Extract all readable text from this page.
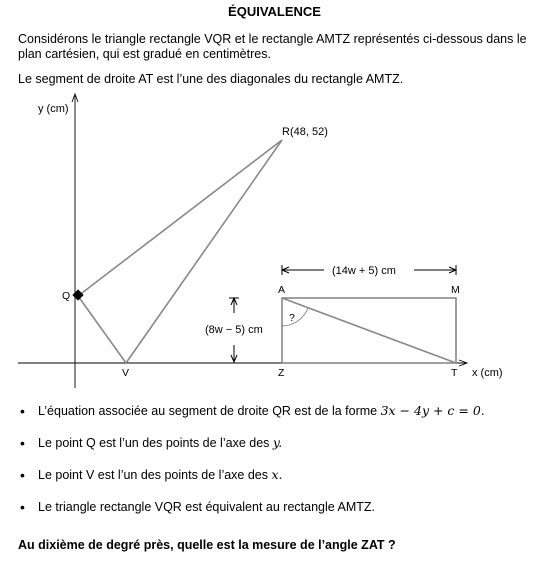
ÉQUIVALENCE
Considérons le triangle rectangle VQR et le rectangle AMTZ représentés ci-dessous dans le plan cartésien, qui est gradué en centimètres.
Le segment de droite AT est l’une des diagonales du rectangle AMTZ.
y (cm)
x (cm)
R(48, 52)
Q
V
?
A	M
T
Z
(14w + 5) cm
(8w − 5) cm
• L’équation associée au segment de droite QR est de la forme 3x − 4y + c = 0.
• Le point Q est l’un des points de l’axe des y.
• Le point V est l’un des points de l’axe des x.
• Le triangle rectangle VQR est équivalent au rectangle AMTZ.
Au dixième de degré près, quelle est la mesure de l’angle ZAT ?
